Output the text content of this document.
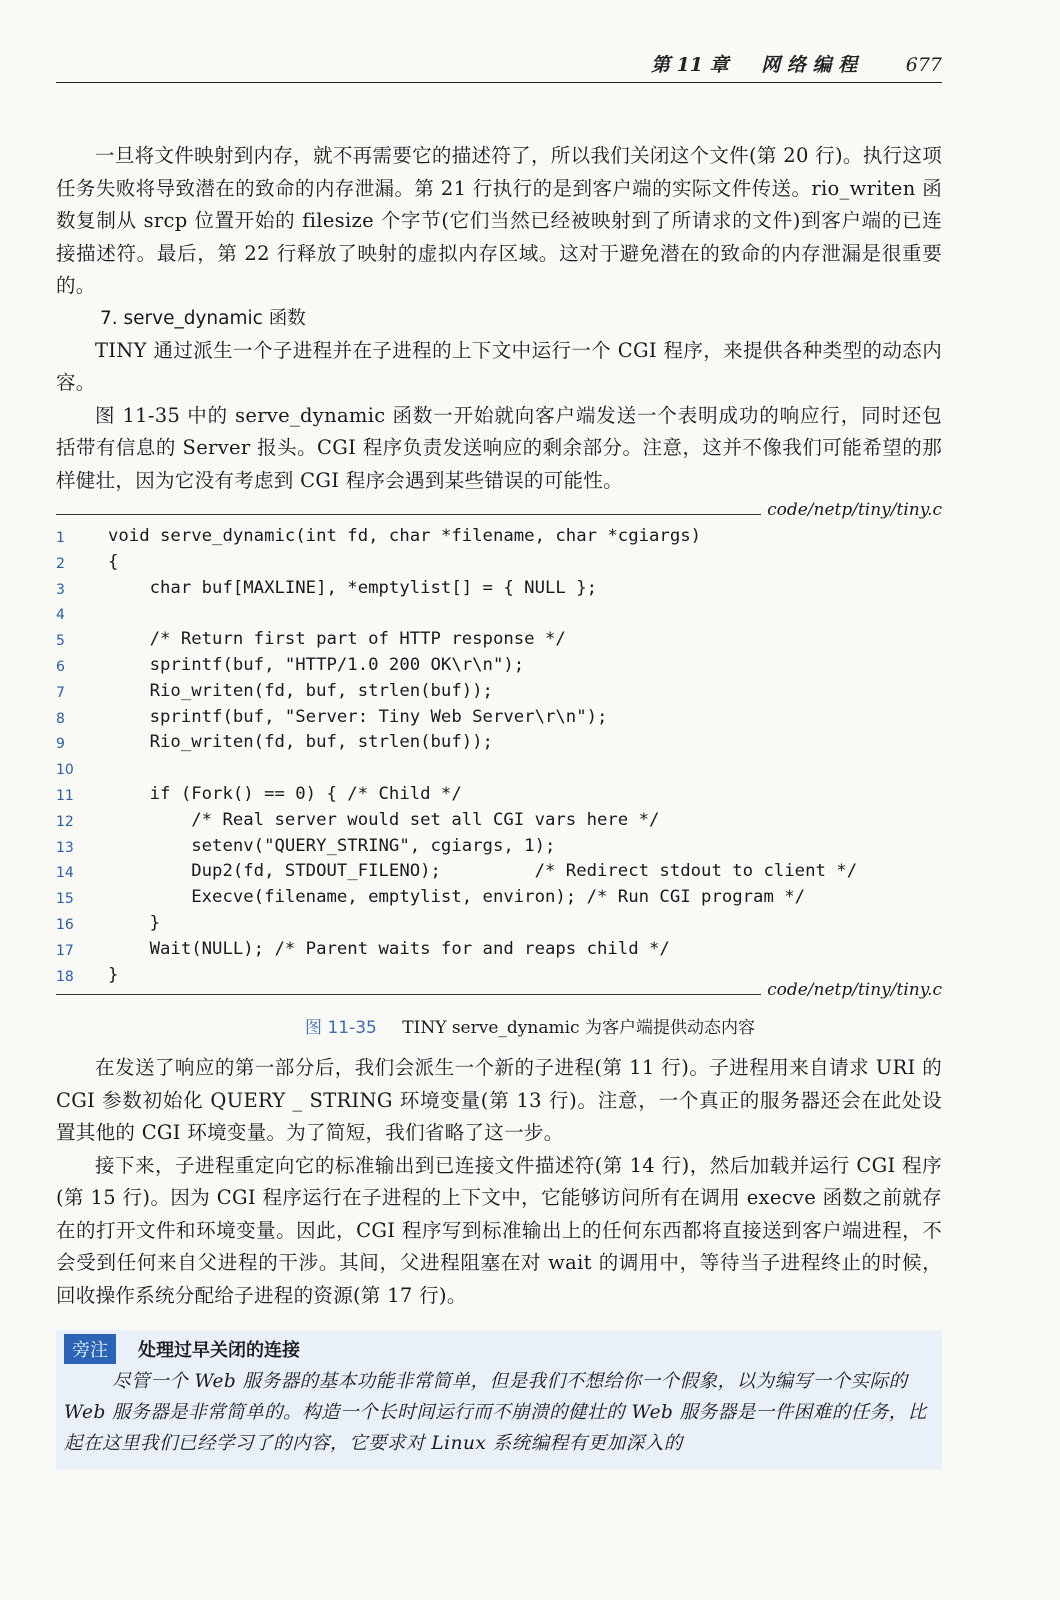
第 11 章 网 络 编 程	677

一旦将文件映射到内存，就不再需要它的描述符了，所以我们关闭这个文件(第 20 行)。执行这项任务失败将导致潜在的致命的内存泄漏。第 21 行执行的是到客户端的实际文件传送。rio_writen 函数复制从 srcp 位置开始的 filesize 个字节(它们当然已经被映射到了所请求的文件)到客户端的已连接描述符。最后，第 22 行释放了映射的虚拟内存区域。这对于避免潜在的致命的内存泄漏是很重要的。

7. serve_dynamic 函数

TINY 通过派生一个子进程并在子进程的上下文中运行一个 CGI 程序，来提供各种类型的动态内容。

图 11-35 中的 serve_dynamic 函数一开始就向客户端发送一个表明成功的响应行，同时还包括带有信息的 Server 报头。CGI 程序负责发送响应的剩余部分。注意，这并不像我们可能希望的那样健壮，因为它没有考虑到 CGI 程序会遇到某些错误的可能性。

code/netp/tiny/tiny.c
1	void serve_dynamic(int fd, char *filename, char *cgiargs)
2	{
3	char buf[MAXLINE], *emptylist[] = { NULL };
4
5	/* Return first part of HTTP response */
6	sprintf(buf, "HTTP/1.0 200 OK\r\n");
7	Rio_writen(fd, buf, strlen(buf));
8	sprintf(buf, "Server: Tiny Web Server\r\n");
9	Rio_writen(fd, buf, strlen(buf));
10
11 if (Fork() == 0) { /* Child */
12 /* Real server would set all CGI vars here */
13 setenv("QUERY_STRING", cgiargs, 1);
14 Dup2(fd, STDOUT_FILENO);         /* Redirect stdout to client */
15 Execve(filename, emptylist, environ); /* Run CGI program */
16 }
17 Wait(NULL); /* Parent waits for and reaps child */
18 }
code/netp/tiny/tiny.c
图 11-35 TINY serve_dynamic 为客户端提供动态内容

在发送了响应的第一部分后，我们会派生一个新的子进程(第 11 行)。子进程用来自请求 URI 的 CGI 参数初始化 QUERY _ STRING 环境变量(第 13 行)。注意，一个真正的服务器还会在此处设置其他的 CGI 环境变量。为了简短，我们省略了这一步。

接下来，子进程重定向它的标准输出到已连接文件描述符(第 14 行)，然后加载并运行 CGI 程序(第 15 行)。因为 CGI 程序运行在子进程的上下文中，它能够访问所有在调用 execve 函数之前就存在的打开文件和环境变量。因此，CGI 程序写到标准输出上的任何东西都将直接送到客户端进程，不会受到任何来自父进程的干涉。其间，父进程阻塞在对 wait 的调用中，等待当子进程终止的时候，回收操作系统分配给子进程的资源(第 17 行)。

旁注	处理过早关闭的连接
尽管一个 Web 服务器的基本功能非常简单，但是我们不想给你一个假象，以为编写一个实际的 Web 服务器是非常简单的。构造一个长时间运行而不崩溃的健壮的 Web 服务器是一件困难的任务，比起在这里我们已经学习了的内容，它要求对 Linux 系统编程有更加深入的
